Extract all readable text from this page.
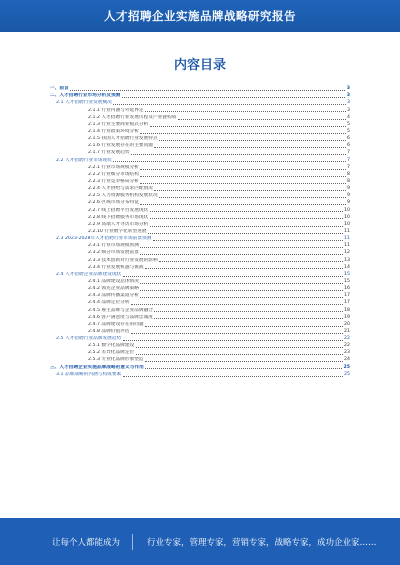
人才招聘企业实施品牌战略研究报告
内容目录
一、前言	3
二、人才招聘行业市场分析及预测	3
2.1 人才招聘行业发展概况	3
2.1.1 行业内涵与外延界定	3
2.1.2 人才招聘行业发展历程及产业链构成	4
2.1.3 行业主要商业模式分析	5
2.1.4 行业政策环境分析	5
2.1.5 我国人才招聘行业发展特点	6
2.1.6 行业发展存在的主要问题	6
2.1.7 行业发展趋势	7
2.2 人才招聘行业市场现状	7
2.2.1 行业市场规模分析	7
2.2.2 行业细分市场结构	8
2.2.3 行业竞争格局分析	8
2.2.4 人才供给与需求匹配情况	9
2.2.5 人力资源服务机构发展状况	9
2.2.6 区域市场分布特征	9
2.2.7 线上招聘平台发展现状	10
2.2.8 线下招聘服务市场现状	10
2.2.9 高端人才寻访市场分析	10
2.2.10 行业数字化转型进展	11
2.3 2023-2028年人才招聘行业市场前景预测	11
2.3.1 行业市场规模预测	11
2.3.2 细分市场发展前景	12
2.3.3 技术创新对行业发展的影响	13
2.3.4 行业发展机遇与挑战	14
2.4 人才招聘企业品牌建设现状	15
2.4.1 品牌建设总体情况	15
2.4.2 领先企业品牌策略	16
2.4.3 品牌传播渠道分析	17
2.4.4 品牌定位分析	17
2.4.5 雇主品牌与企业品牌融合	18
2.4.6 客户满意度与品牌忠诚度	19
2.4.7 品牌建设存在的问题	20
2.4.8 品牌价值评估	21
2.5 人才招聘行业品牌发展趋势	22
2.5.1 数字化品牌建设	22
2.5.2 差异化品牌定位	23
2.5.3 专业化品牌形象塑造	24
三、人才招聘企业实施品牌战略的意义与作用	25
3.1 品牌战略的内涵与构成要素	25
让每个人都能成为	行业专家，管理专家，营销专家，战略专家，成功企业家……
